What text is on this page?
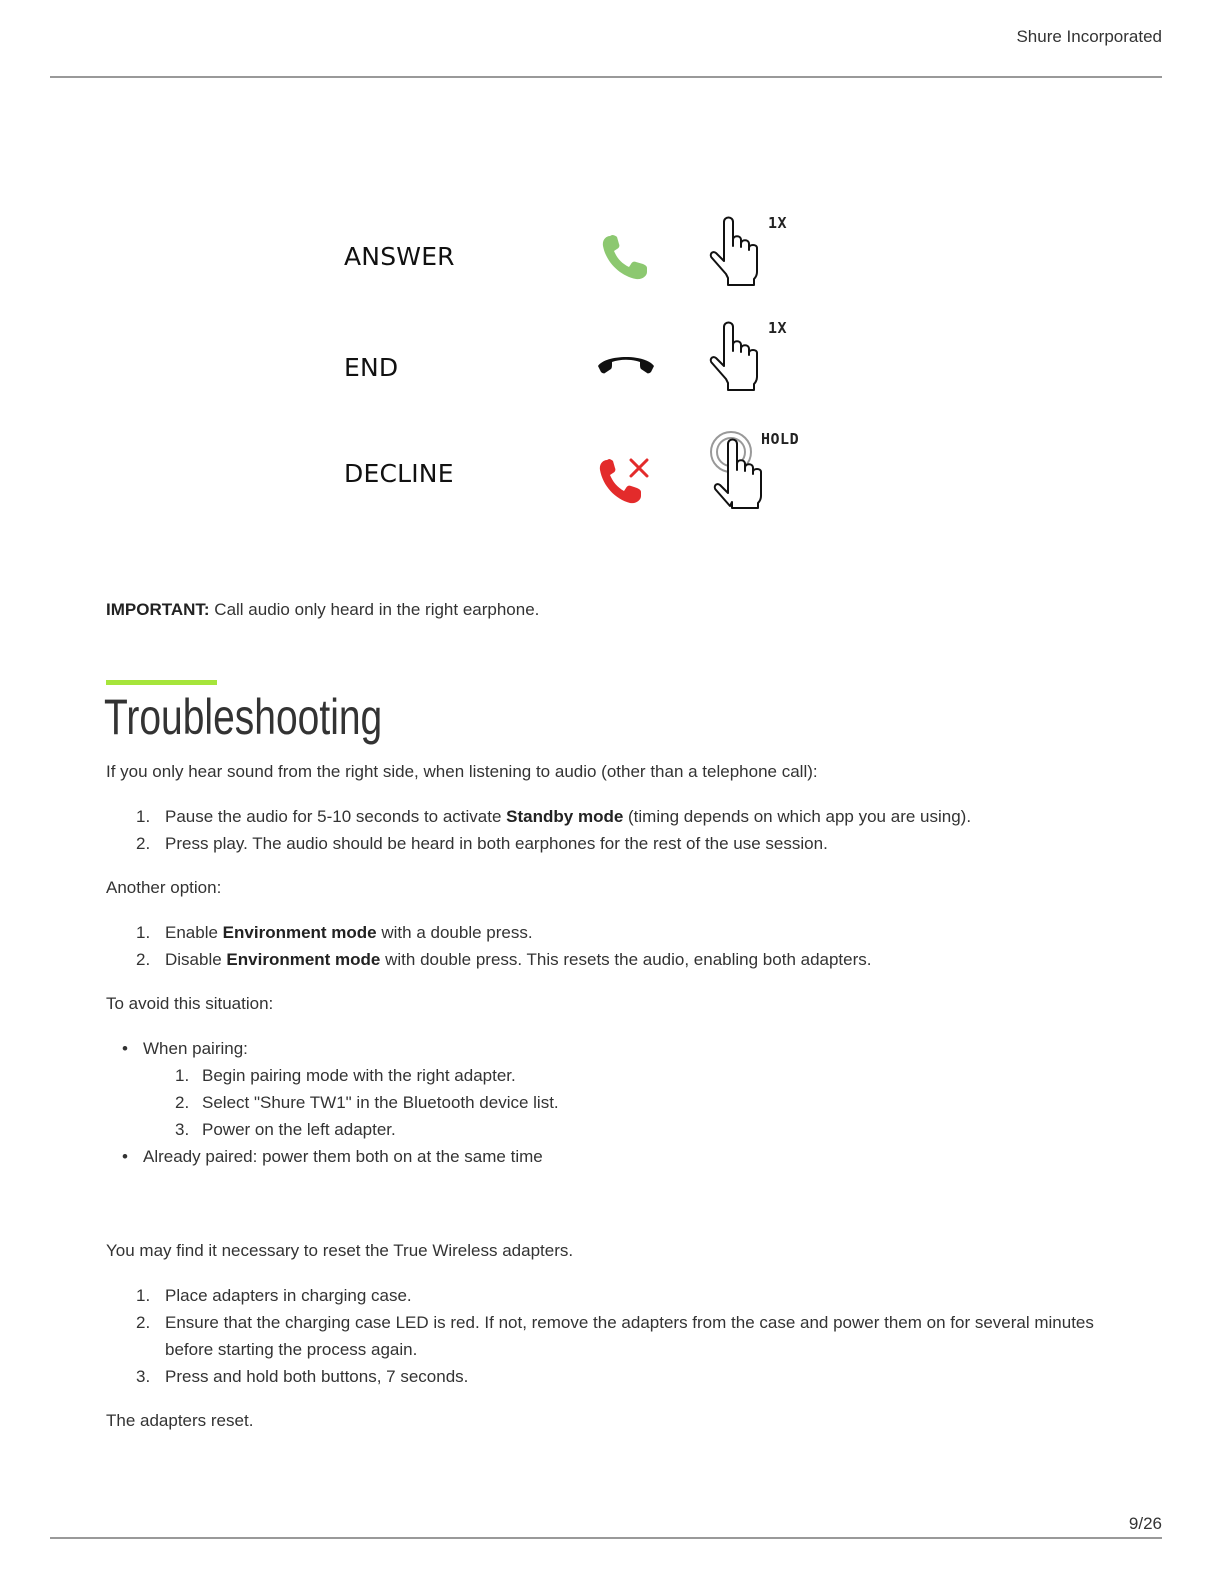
Shure Incorporated
ANSWER
1X
END
1X
DECLINE
HOLD
IMPORTANT: Call audio only heard in the right earphone.
Troubleshooting

If you only hear sound from the right side, when listening to audio (other than a telephone call):

1. Pause the audio for 5-10 seconds to activate Standby mode (timing depends on which app you are using).
2. Press play. The audio should be heard in both earphones for the rest of the use session.

Another option:

1. Enable Environment mode with a double press.
2. Disable Environment mode with double press. This resets the audio, enabling both adapters.

To avoid this situation:

• When pairing:
1. Begin pairing mode with the right adapter.
2. Select "Shure TW1" in the Bluetooth device list.
3. Power on the left adapter.
• Already paired: power them both on at the same time

You may find it necessary to reset the True Wireless adapters.

1. Place adapters in charging case.
2. Ensure that the charging case LED is red. If not, remove the adapters from the case and power them on for several minutes before starting the process again.
3. Press and hold both buttons, 7 seconds.

The adapters reset.

9/26
